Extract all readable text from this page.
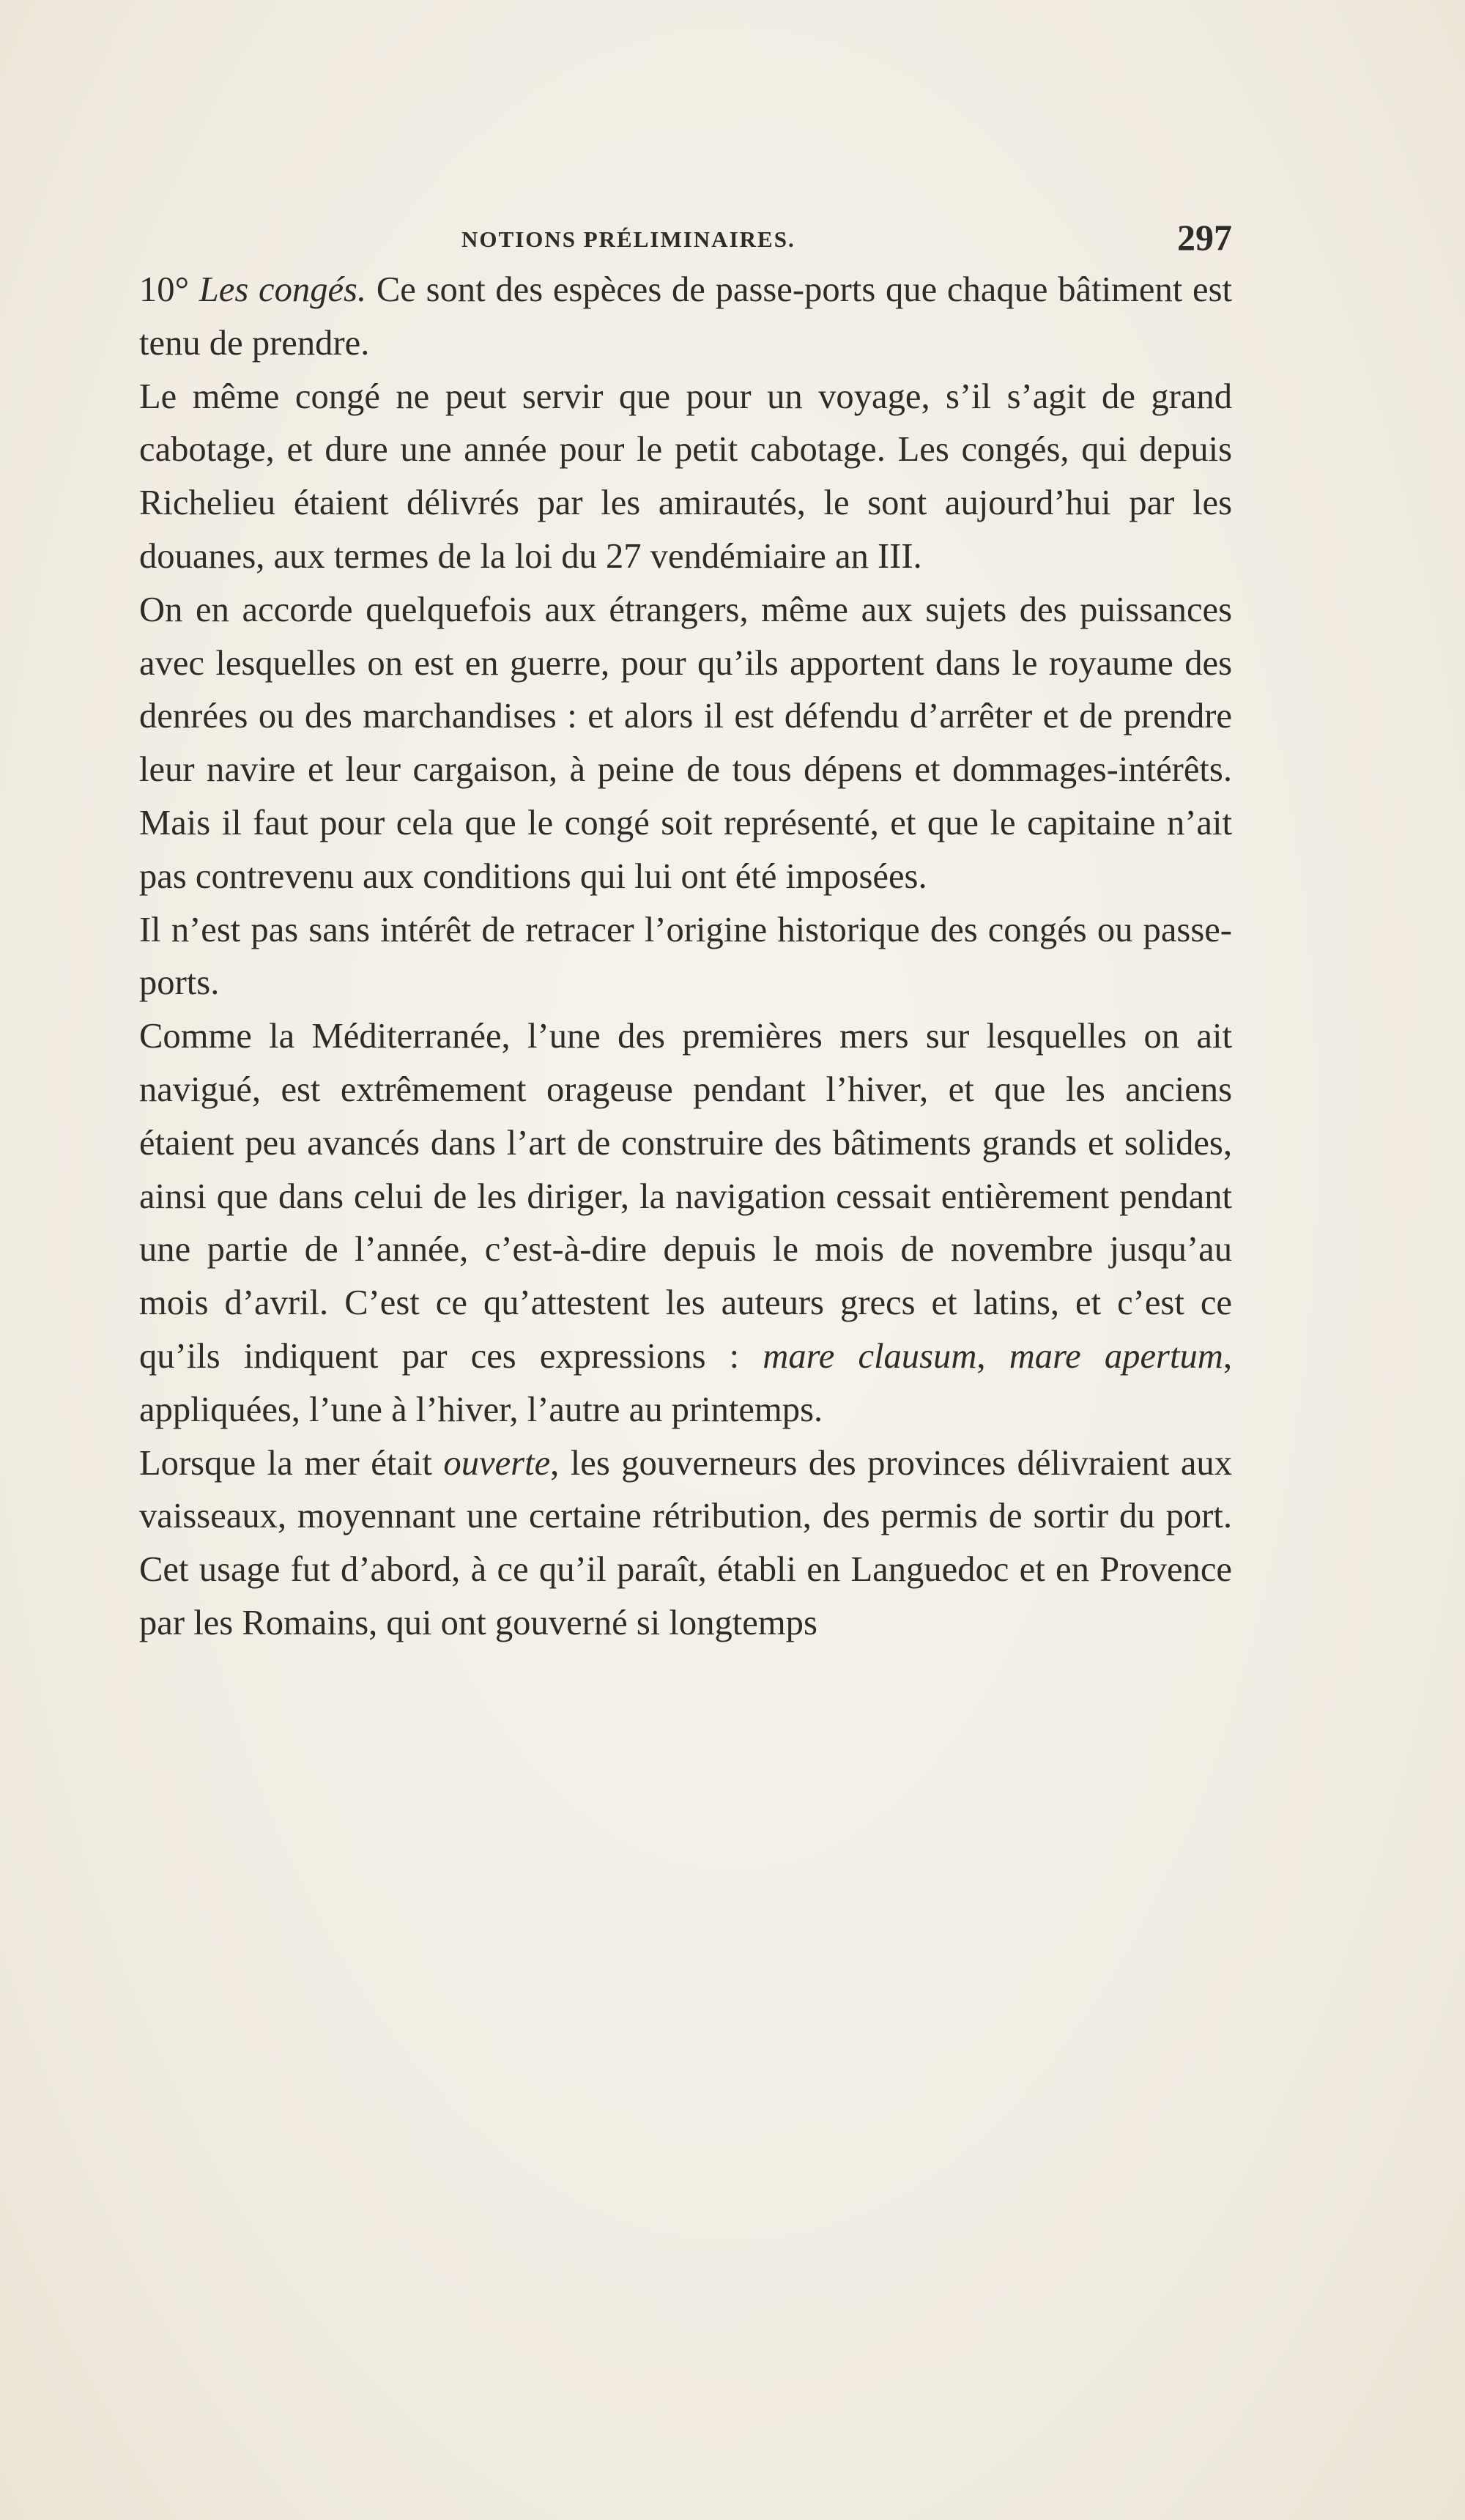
NOTIONS PRÉLIMINAIRES.	297

10° Les congés. Ce sont des espèces de passe-ports que chaque bâtiment est tenu de prendre.

Le même congé ne peut servir que pour un voyage, s’il s’agit de grand cabotage, et dure une année pour le petit cabotage. Les congés, qui depuis Richelieu étaient délivrés par les amirautés, le sont aujourd’hui par les douanes, aux termes de la loi du 27 vendémiaire an III.

On en accorde quelquefois aux étrangers, même aux sujets des puissances avec lesquelles on est en guerre, pour qu’ils apportent dans le royaume des denrées ou des marchandises : et alors il est défendu d’arrêter et de prendre leur navire et leur cargaison, à peine de tous dépens et dommages-intérêts. Mais il faut pour cela que le congé soit représenté, et que le capitaine n’ait pas contrevenu aux conditions qui lui ont été imposées.

Il n’est pas sans intérêt de retracer l’origine historique des congés ou passe-ports.

Comme la Méditerranée, l’une des premières mers sur lesquelles on ait navigué, est extrêmement orageuse pendant l’hiver, et que les anciens étaient peu avancés dans l’art de construire des bâtiments grands et solides, ainsi que dans celui de les diriger, la navigation cessait entièrement pendant une partie de l’année, c’est-à-dire depuis le mois de novembre jusqu’au mois d’avril. C’est ce qu’attestent les auteurs grecs et latins, et c’est ce qu’ils indiquent par ces expressions : mare clausum, mare apertum, appliquées, l’une à l’hiver, l’autre au printemps.

Lorsque la mer était ouverte, les gouverneurs des provinces délivraient aux vaisseaux, moyennant une certaine rétribution, des permis de sortir du port. Cet usage fut d’abord, à ce qu’il paraît, établi en Languedoc et en Provence par les Romains, qui ont gouverné si longtemps
